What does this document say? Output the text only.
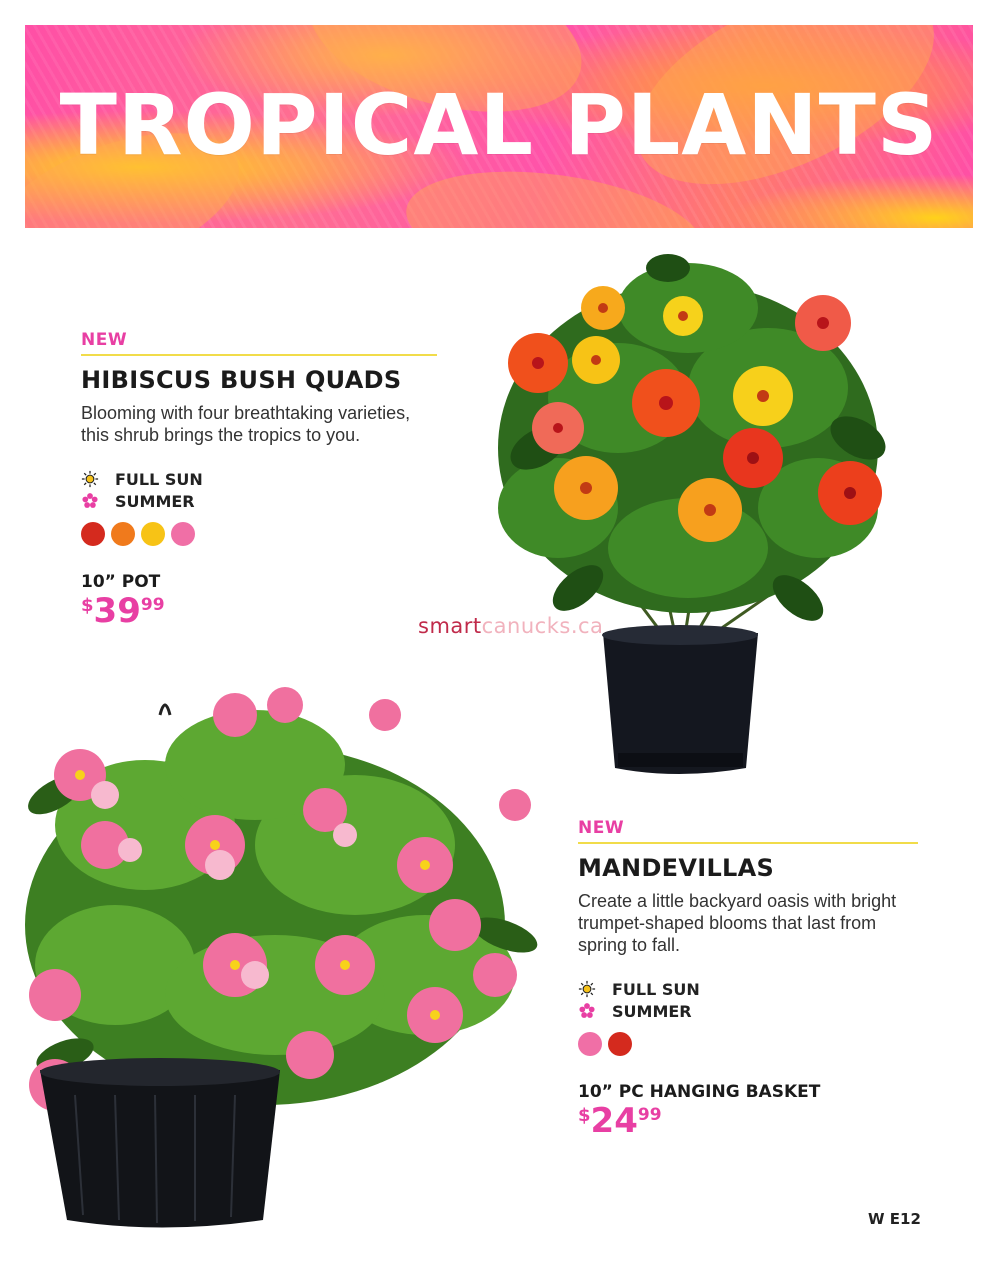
TROPICAL PLANTS
NEW
HIBISCUS BUSH QUADS
Blooming with four breathtaking varieties,
this shrub brings the tropics to you.
FULL SUN
SUMMER
10” POT
$3999
smartcanucks.ca
NEW
MANDEVILLAS
Create a little backyard oasis with bright
trumpet-shaped blooms that last from
spring to fall.
FULL SUN
SUMMER
10” PC HANGING BASKET
$2499
W E12
